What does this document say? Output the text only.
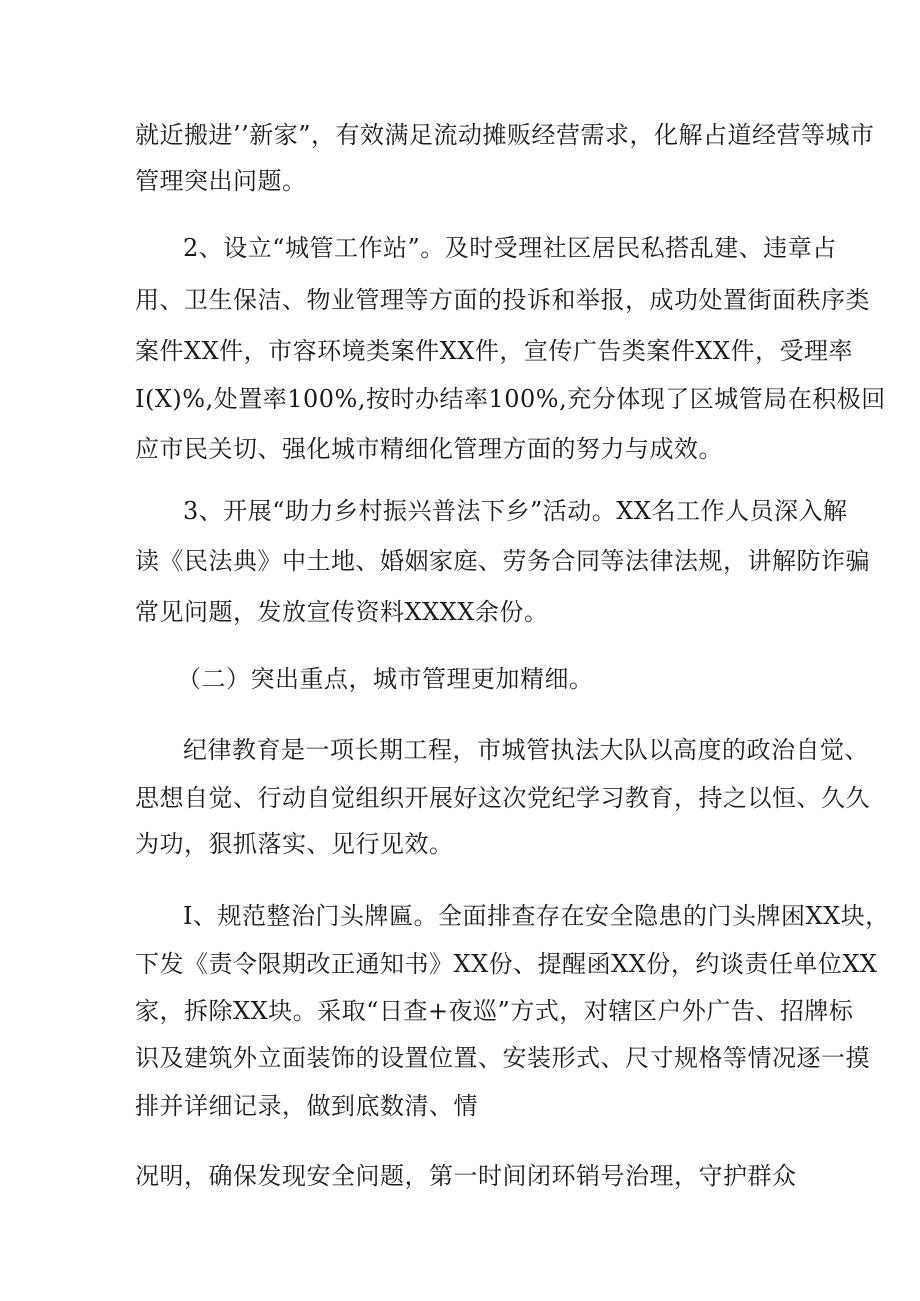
就近搬进’’新家”，有效满足流动摊贩经营需求，化解占道经营等城市
管理突出问题。
2、设立“城管工作站”。及时受理社区居民私搭乱建、违章占
用、卫生保洁、物业管理等方面的投诉和举报，成功处置街面秩序类
案件XX件，市容环境类案件XX件，宣传广告类案件XX件，受理率
I(X)%,处置率100%,按时办结率100%,充分体现了区城管局在积极回
应市民关切、强化城市精细化管理方面的努力与成效。
3、开展“助力乡村振兴普法下乡”活动。XX名工作人员深入解
读《民法典》中土地、婚姻家庭、劳务合同等法律法规，讲解防诈骗
常见问题，发放宣传资料XXXX余份。
（二）突出重点，城市管理更加精细。
纪律教育是一项长期工程，市城管执法大队以高度的政治自觉、
思想自觉、行动自觉组织开展好这次党纪学习教育，持之以恒、久久
为功，狠抓落实、见行见效。
I、规范整治门头牌匾。全面排查存在安全隐患的门头牌困XX块，
下发《责令限期改正通知书》XX份、提醒函XX份，约谈责任单位XX
家，拆除XX块。采取“日查+夜巡”方式，对辖区户外广告、招牌标
识及建筑外立面装饰的设置位置、安装形式、尺寸规格等情况逐一摸
排并详细记录，做到底数清、情
况明，确保发现安全问题，第一时间闭环销号治理，守护群众
